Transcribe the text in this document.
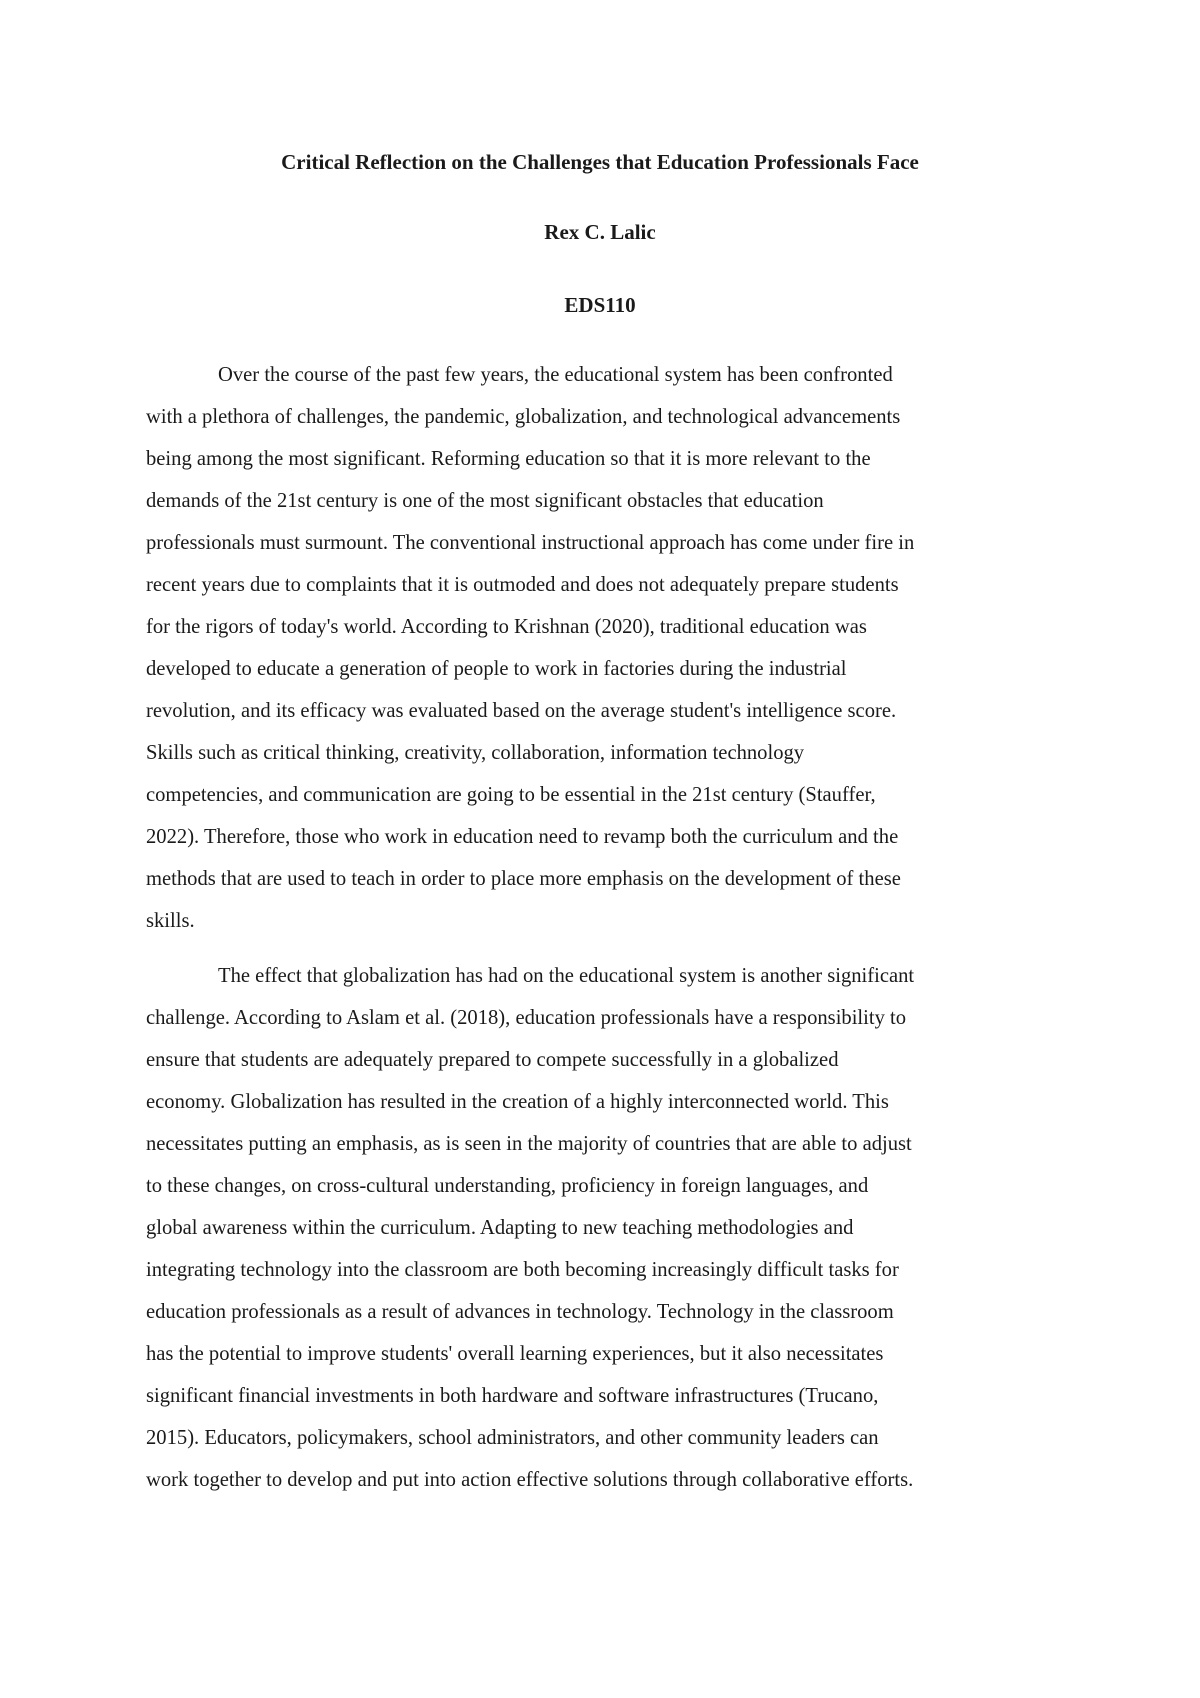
Critical Reflection on the Challenges that Education Professionals Face
Rex C. Lalic
EDS110
Over the course of the past few years, the educational system has been confronted
with a plethora of challenges, the pandemic, globalization, and technological advancements
being among the most significant. Reforming education so that it is more relevant to the
demands of the 21st century is one of the most significant obstacles that education
professionals must surmount. The conventional instructional approach has come under fire in
recent years due to complaints that it is outmoded and does not adequately prepare students
for the rigors of today's world. According to Krishnan (2020), traditional education was
developed to educate a generation of people to work in factories during the industrial
revolution, and its efficacy was evaluated based on the average student's intelligence score.
Skills such as critical thinking, creativity, collaboration, information technology
competencies, and communication are going to be essential in the 21st century (Stauffer,
2022). Therefore, those who work in education need to revamp both the curriculum and the
methods that are used to teach in order to place more emphasis on the development of these
skills.
The effect that globalization has had on the educational system is another significant
challenge. According to Aslam et al. (2018), education professionals have a responsibility to
ensure that students are adequately prepared to compete successfully in a globalized
economy. Globalization has resulted in the creation of a highly interconnected world. This
necessitates putting an emphasis, as is seen in the majority of countries that are able to adjust
to these changes, on cross-cultural understanding, proficiency in foreign languages, and
global awareness within the curriculum. Adapting to new teaching methodologies and
integrating technology into the classroom are both becoming increasingly difficult tasks for
education professionals as a result of advances in technology. Technology in the classroom
has the potential to improve students' overall learning experiences, but it also necessitates
significant financial investments in both hardware and software infrastructures (Trucano,
2015). Educators, policymakers, school administrators, and other community leaders can
work together to develop and put into action effective solutions through collaborative efforts.
